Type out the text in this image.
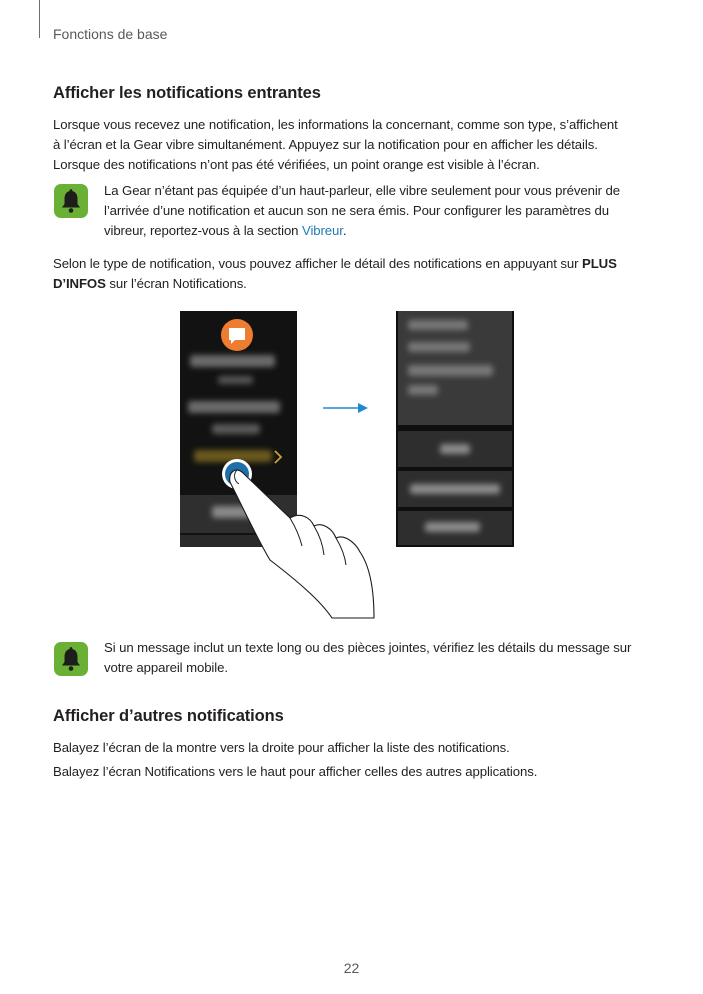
Fonctions de base
Afficher les notifications entrantes
Lorsque vous recevez une notification, les informations la concernant, comme son type, s’affichent
à l’écran et la Gear vibre simultanément. Appuyez sur la notification pour en afficher les détails.
Lorsque des notifications n’ont pas été vérifiées, un point orange est visible à l’écran.
La Gear n’étant pas équipée d’un haut-parleur, elle vibre seulement pour vous prévenir de
l’arrivée d’une notification et aucun son ne sera émis. Pour configurer les paramètres du
vibreur, reportez-vous à la section Vibreur.
Selon le type de notification, vous pouvez afficher le détail des notifications en appuyant sur PLUS
D’INFOS sur l’écran Notifications.
Si un message inclut un texte long ou des pièces jointes, vérifiez les détails du message sur
votre appareil mobile.
Afficher d’autres notifications
Balayez l’écran de la montre vers la droite pour afficher la liste des notifications.
Balayez l’écran Notifications vers le haut pour afficher celles des autres applications.
22
